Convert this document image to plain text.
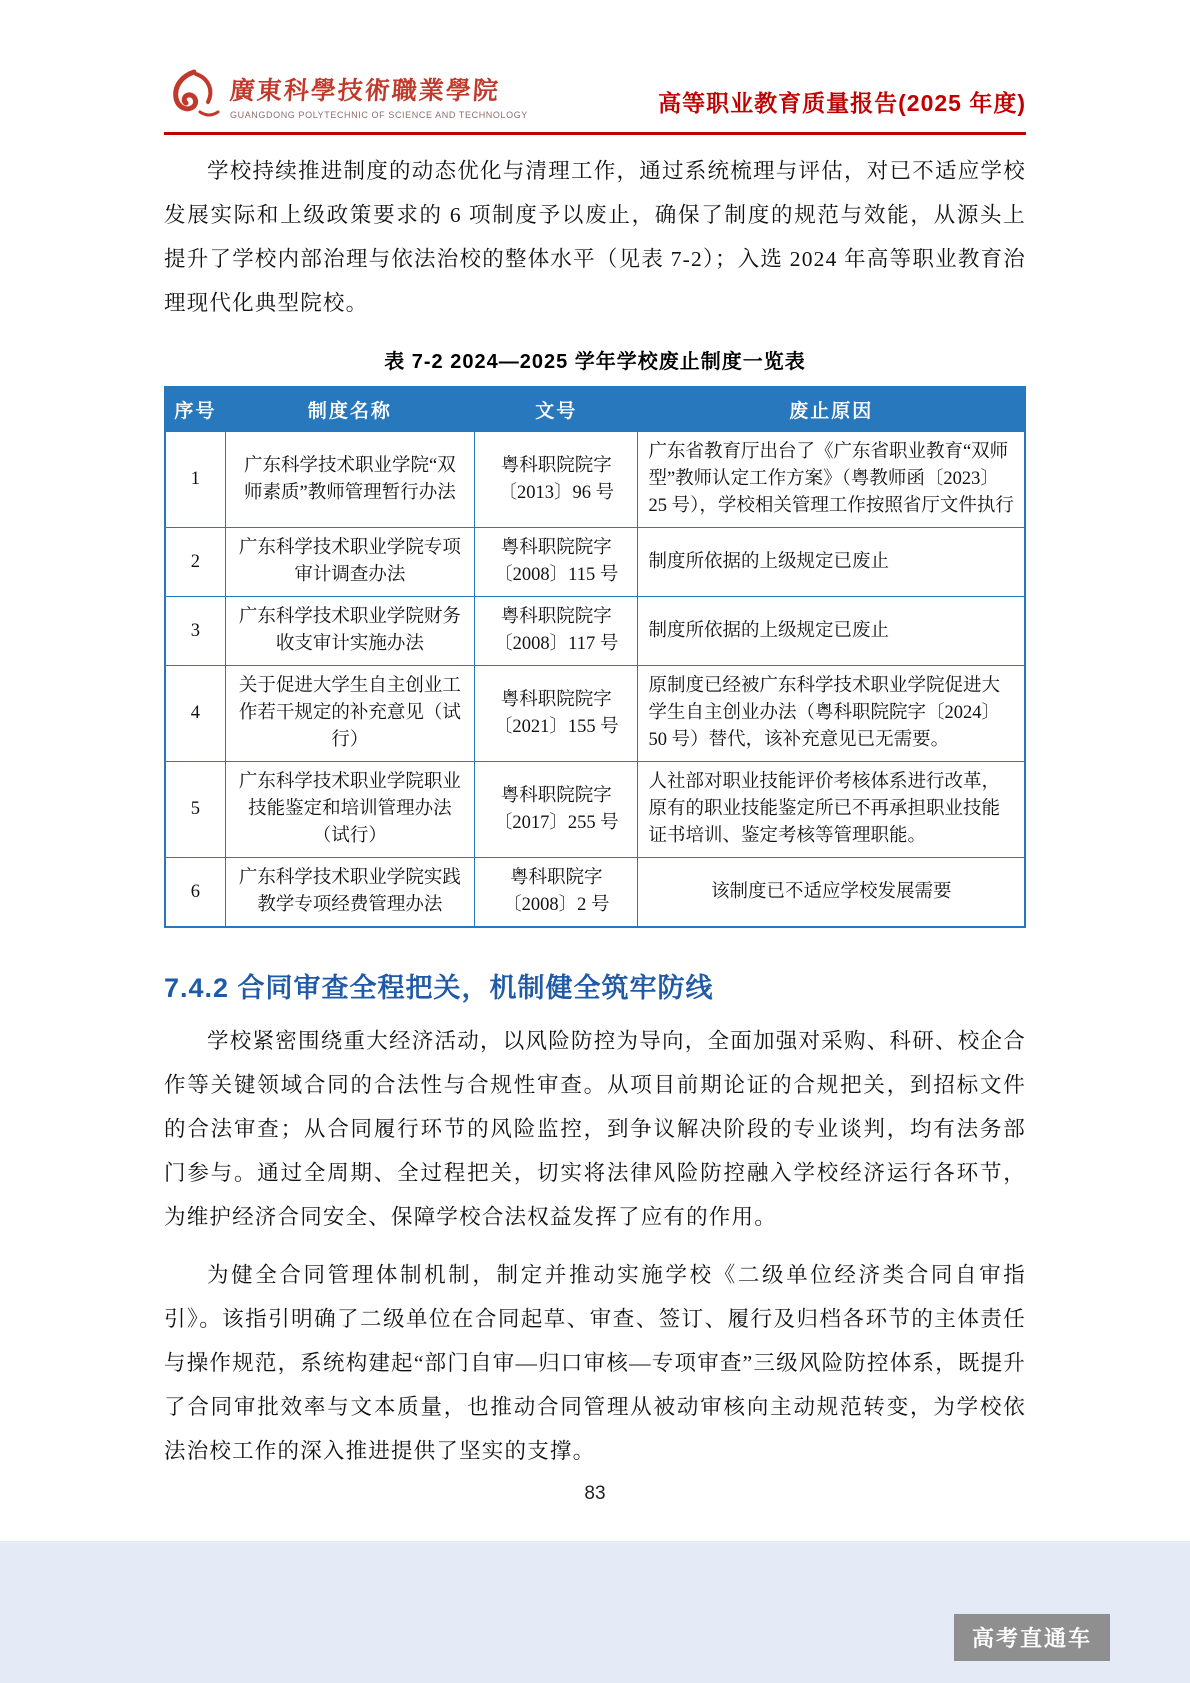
廣東科學技術職業學院
GUANGDONG POLYTECHNIC OF SCIENCE AND TECHNOLOGY	高等职业教育质量报告(2025 年度)

学校持续推进制度的动态优化与清理工作，通过系统梳理与评估，对已不适应学校发展实际和上级政策要求的 6 项制度予以废止，确保了制度的规范与效能，从源头上提升了学校内部治理与依法治校的整体水平（见表 7-2）；入选 2024 年高等职业教育治理现代化典型院校。

表 7-2 2024—2025 学年学校废止制度一览表
序号	制度名称	文号	废止原因
1	广东科学技术职业学院“双师素质”教师管理暂行办法	粤科职院院字〔2013〕96 号	广东省教育厅出台了《广东省职业教育“双师型”教师认定工作方案》（粤教师函〔2023〕25 号），学校相关管理工作按照省厅文件执行
2	广东科学技术职业学院专项审计调查办法	粤科职院院字〔2008〕115 号	制度所依据的上级规定已废止
3	广东科学技术职业学院财务收支审计实施办法	粤科职院院字〔2008〕117 号	制度所依据的上级规定已废止
4	关于促进大学生自主创业工作若干规定的补充意见（试行）	粤科职院院字〔2021〕155 号	原制度已经被广东科学技术职业学院促进大学生自主创业办法（粤科职院院字〔2024〕50 号）替代，该补充意见已无需要。
5	广东科学技术职业学院职业技能鉴定和培训管理办法（试行）	粤科职院院字〔2017〕255 号	人社部对职业技能评价考核体系进行改革，原有的职业技能鉴定所已不再承担职业技能证书培训、鉴定考核等管理职能。
6	广东科学技术职业学院实践教学专项经费管理办法	粤科职院字〔2008〕2 号	该制度已不适应学校发展需要
7.4.2 合同审查全程把关，机制健全筑牢防线

学校紧密围绕重大经济活动，以风险防控为导向，全面加强对采购、科研、校企合作等关键领域合同的合法性与合规性审查。从项目前期论证的合规把关，到招标文件的合法审查；从合同履行环节的风险监控，到争议解决阶段的专业谈判，均有法务部门参与。通过全周期、全过程把关，切实将法律风险防控融入学校经济运行各环节，为维护经济合同安全、保障学校合法权益发挥了应有的作用。

为健全合同管理体制机制，制定并推动实施学校《二级单位经济类合同自审指引》。该指引明确了二级单位在合同起草、审查、签订、履行及归档各环节的主体责任与操作规范，系统构建起“部门自审—归口审核—专项审查”三级风险防控体系，既提升了合同审批效率与文本质量，也推动合同管理从被动审核向主动规范转变，为学校依法治校工作的深入推进提供了坚实的支撑。

83
高考直通车
